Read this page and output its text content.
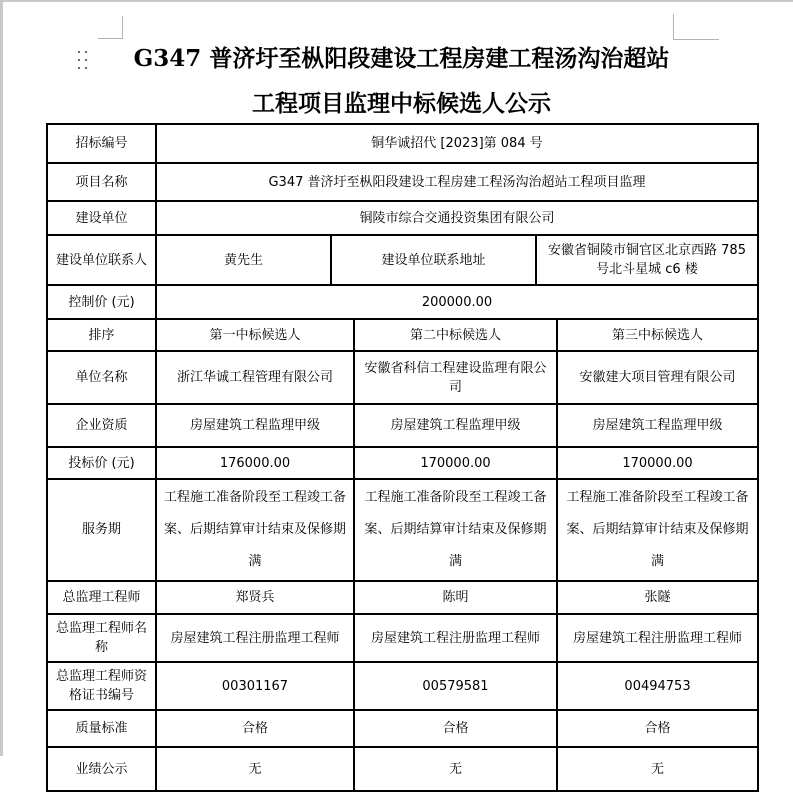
G347 普济圩至枞阳段建设工程房建工程汤沟治超站
工程项目监理中标候选人公示
招标编号	铜华诚招代 [2023]第 084 号				
项目名称	G347 普济圩至枞阳段建设工程房建工程汤沟治超站工程项目监理				
建设单位	铜陵市综合交通投资集团有限公司				
建设单位联系人	黄先生	建设单位联系地址		安徽省铜陵市铜官区北京西路 785 号北斗星城 c6 楼	
控制价 (元)	200000.00				
排序	第一中标候选人		第二中标候选人		第三中标候选人
单位名称	浙江华诚工程管理有限公司		安徽省科信工程建设监理有限公司		安徽建大项目管理有限公司
企业资质	房屋建筑工程监理甲级		房屋建筑工程监理甲级		房屋建筑工程监理甲级
投标价 (元)	176000.00		170000.00		170000.00
服务期	工程施工准备阶段至工程竣工备案、后期结算审计结束及保修期满		工程施工准备阶段至工程竣工备案、后期结算审计结束及保修期满		工程施工准备阶段至工程竣工备案、后期结算审计结束及保修期满
总监理工程师	郑贤兵		陈明		张隧
总监理工程师名称	房屋建筑工程注册监理工程师		房屋建筑工程注册监理工程师		房屋建筑工程注册监理工程师
总监理工程师资格证书编号	00301167		00579581		00494753
质量标准	合格		合格		合格
业绩公示	无		无		无
